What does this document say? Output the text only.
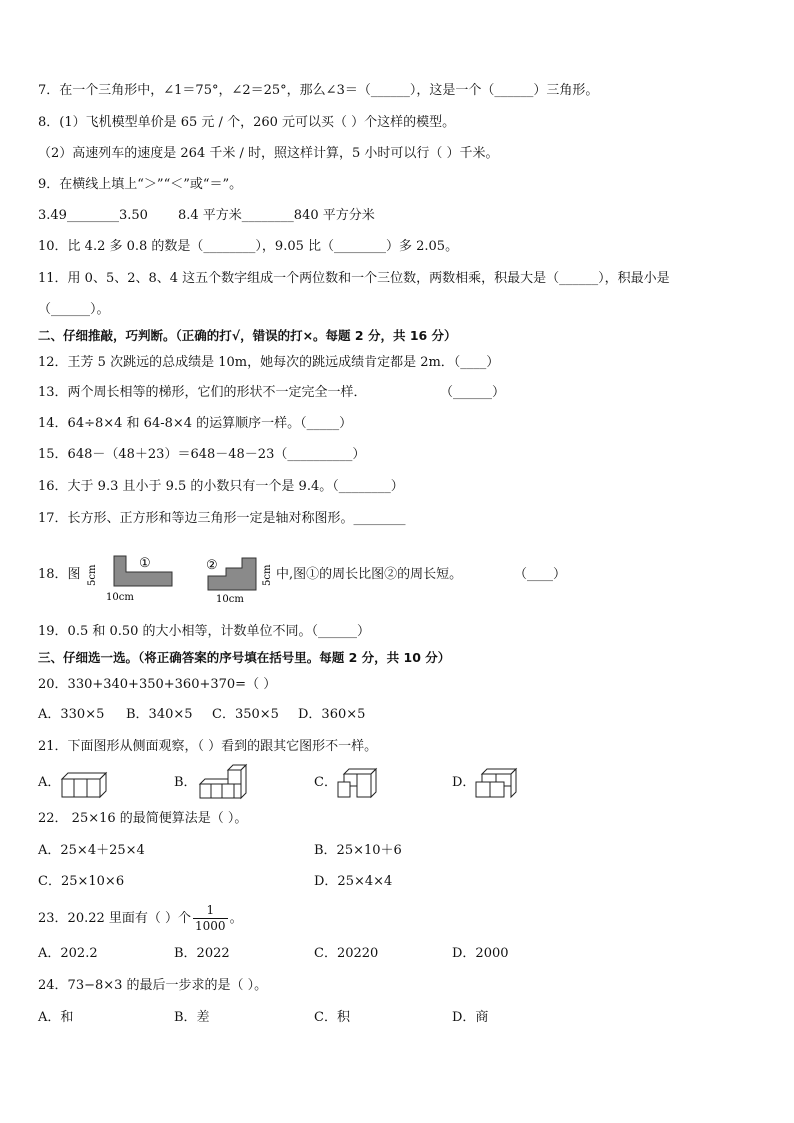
7．在一个三角形中，∠1＝75°，∠2＝25°，那么∠3＝（______），这是一个（______）三角形。
8．(1）飞机模型单价是 65 元 / 个，260 元可以买（ ）个这样的模型。
（2）高速列车的速度是 264 千米 / 时，照这样计算，5 小时可以行（ ）千米。
9．在横线上填上“＞”“＜”或“＝”。
3.49________3.50 8.4 平方米________840 平方分米
10．比 4.2 多 0.8 的数是（________），9.05 比（________）多 2.05。
11．用 0、5、2、8、4 这五个数字组成一个两位数和一个三位数，两数相乘，积最大是（______），积最小是
（______）。
二、仔细推敲，巧判断。（正确的打√，错误的打×。每题 2 分，共 16 分）
12．王芳 5 次跳远的总成绩是 10m，她每次的跳远成绩肯定都是 2m．（____）
13．两个周长相等的梯形，它们的形状不一定完全一样．	（______）
14．64÷8×4 和 64-8×4 的运算顺序一样。（_____）
15．648－（48＋23）＝648－48－23（__________）
16．大于 9.3 且小于 9.5 的小数只有一个是 9.4。（________）
17．长方形、正方形和等边三角形一定是轴对称图形。________
18．图
①
5cm
10cm
②	5cm
10cm
中,图①的周长比图②的周长短。	（____）
19．0.5 和 0.50 的大小相等，计数单位不同。（______）
三、仔细选一选。（将正确答案的序号填在括号里。每题 2 分，共 10 分）
20．330+340+350+360+370=（ ）
A．330×5 B．340×5 C．350×5 D．360×5
21．下面图形从侧面观察，（ ）看到的跟其它图形不一样。
A．	B．	C．	D．
22． 25×16 的最简便算法是（ ）。
A．25×4＋25×4	B．25×10＋6
C．25×10×6	D．25×4×4
23．20.22 里面有（ ）个 $\frac{1}{1000}$ 。
A．202.2	B．2022	C．20220	D．2000
24．73−8×3 的最后一步求的是（ ）。
A．和	B．差	C．积	D．商
